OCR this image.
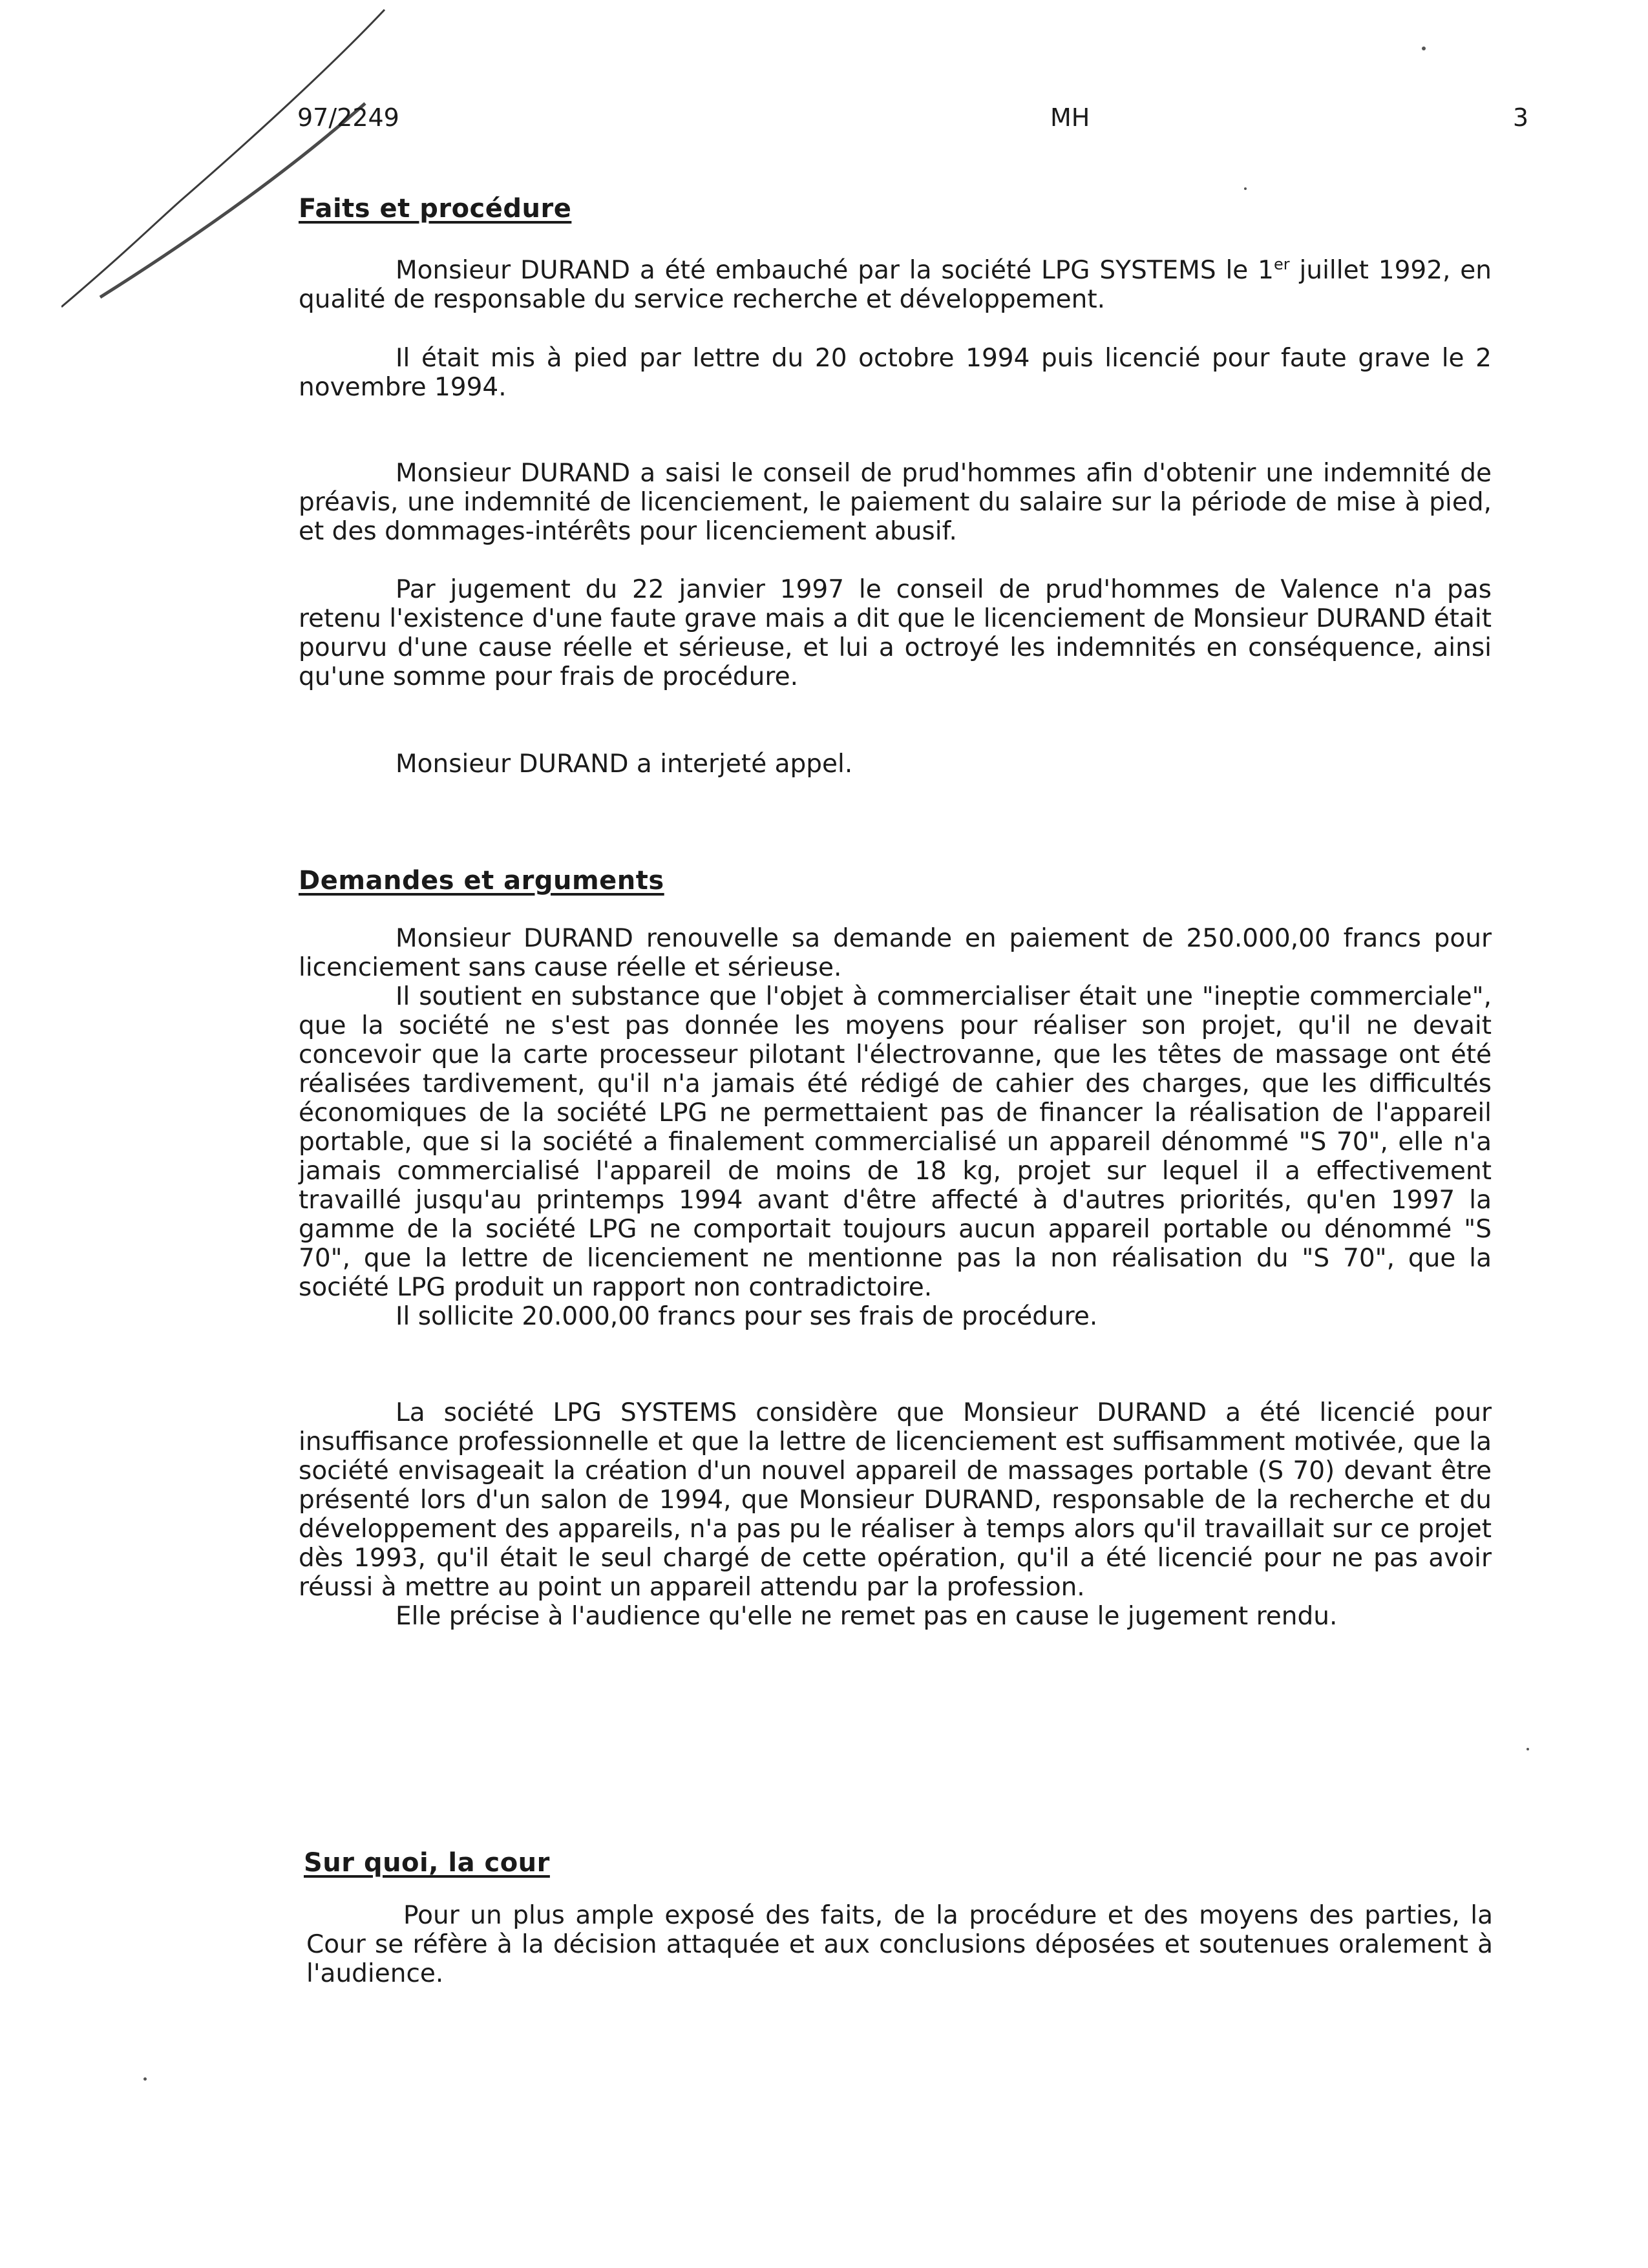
97/2249	MH	3
Faits et procédure
Monsieur DURAND a été embauché par la société LPG SYSTEMS le 1er juillet 1992, en qualité de responsable du service recherche et développement.
Il était mis à pied par lettre du 20 octobre 1994 puis licencié pour faute grave le 2 novembre 1994.
Monsieur DURAND a saisi le conseil de prud'hommes afin d'obtenir une indemnité de préavis, une indemnité de licenciement, le paiement du salaire sur la période de mise à pied, et des dommages-intérêts pour licenciement abusif.
Par jugement du 22 janvier 1997 le conseil de prud'hommes de Valence n'a pas retenu l'existence d'une faute grave mais a dit que le licenciement de Monsieur DURAND était pourvu d'une cause réelle et sérieuse, et lui a octroyé les indemnités en conséquence, ainsi qu'une somme pour frais de procédure.
Monsieur DURAND a interjeté appel.
Demandes et arguments

Monsieur DURAND renouvelle sa demande en paiement de 250.000,00 francs pour licenciement sans cause réelle et sérieuse.

Il soutient en substance que l'objet à commercialiser était une "ineptie commerciale", que la société ne s'est pas donnée les moyens pour réaliser son projet, qu'il ne devait concevoir que la carte processeur pilotant l'électrovanne, que les têtes de massage ont été réalisées tardivement, qu'il n'a jamais été rédigé de cahier des charges, que les difficultés économiques de la société LPG ne permettaient pas de financer la réalisation de l'appareil portable, que si la société a finalement commercialisé un appareil dénommé "S 70", elle n'a jamais commercialisé l'appareil de moins de 18 kg, projet sur lequel il a effectivement travaillé jusqu'au printemps 1994 avant d'être affecté à d'autres priorités, qu'en 1997 la gamme de la société LPG ne comportait toujours aucun appareil portable ou dénommé "S 70", que la lettre de licenciement ne mentionne pas la non réalisation du "S 70", que la société LPG produit un rapport non contradictoire.

Il sollicite 20.000,00 francs pour ses frais de procédure.

La société LPG SYSTEMS considère que Monsieur DURAND a été licencié pour insuffisance professionnelle et que la lettre de licenciement est suffisamment motivée, que la société envisageait la création d'un nouvel appareil de massages portable (S 70) devant être présenté lors d'un salon de 1994, que Monsieur DURAND, responsable de la recherche et du développement des appareils, n'a pas pu le réaliser à temps alors qu'il travaillait sur ce projet dès 1993, qu'il était le seul chargé de cette opération, qu'il a été licencié pour ne pas avoir réussi à mettre au point un appareil attendu par la profession.

Elle précise à l'audience qu'elle ne remet pas en cause le jugement rendu.

Sur quoi, la cour
Pour un plus ample exposé des faits, de la procédure et des moyens des parties, la Cour se réfère à la décision attaquée et aux conclusions déposées et soutenues oralement à l'audience.
